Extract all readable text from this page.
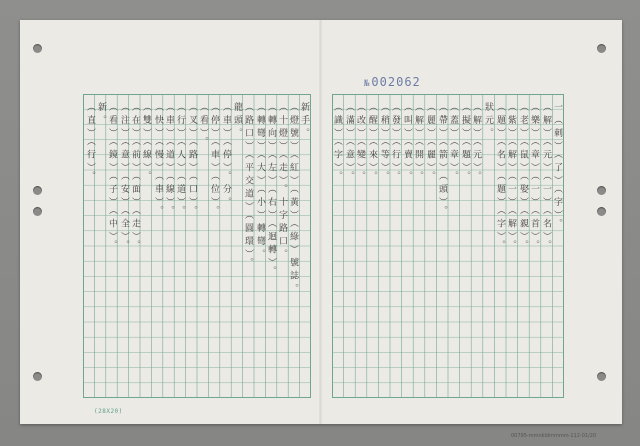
№002062
(28X20)
00795-mmnkldmmmm-112-01/20
新手。
（燈號）（紅）（黃）（綠）號誌。
（十燈）（走）。十字路口。
（轉向）（左）（右）（迴轉）。
（轉彎）（大）（小）轉彎。
（路口）（平交道）（圓環）。
龍頭。
（車）（停）。分。
（停）（車）（位）。
（看）。
（叉）（路）（口）。
（行）（人）（道）。
（車）（道）（線）。
（快）（慢）（車）。
（雙）（線）。
（在）（前）（面）（走）。
（注）（意）（安）（全）。
（看）（鏡）（子）（中）。
新。
（直）（行）。	一（刺）（了）（字）。
（解）（元）（一）（名）。
（樂）（章）（一）（首）。
（老）（鼠）（娶）（親）。
（紫）（解）（一）（解）。
（題）（名）（題）（字）。
狀元。
（解）（元）。
（擬）（題）。
（蓋）（章）。
（帶）（箭）（頭）。
（麗）（麗）。
（解）（開）。
（叫）（賣）。
（發）（行）。
（稍）（等）。
（醒）（來）。
（改）（變）。
（滿）（意）。
（識）（字）。
